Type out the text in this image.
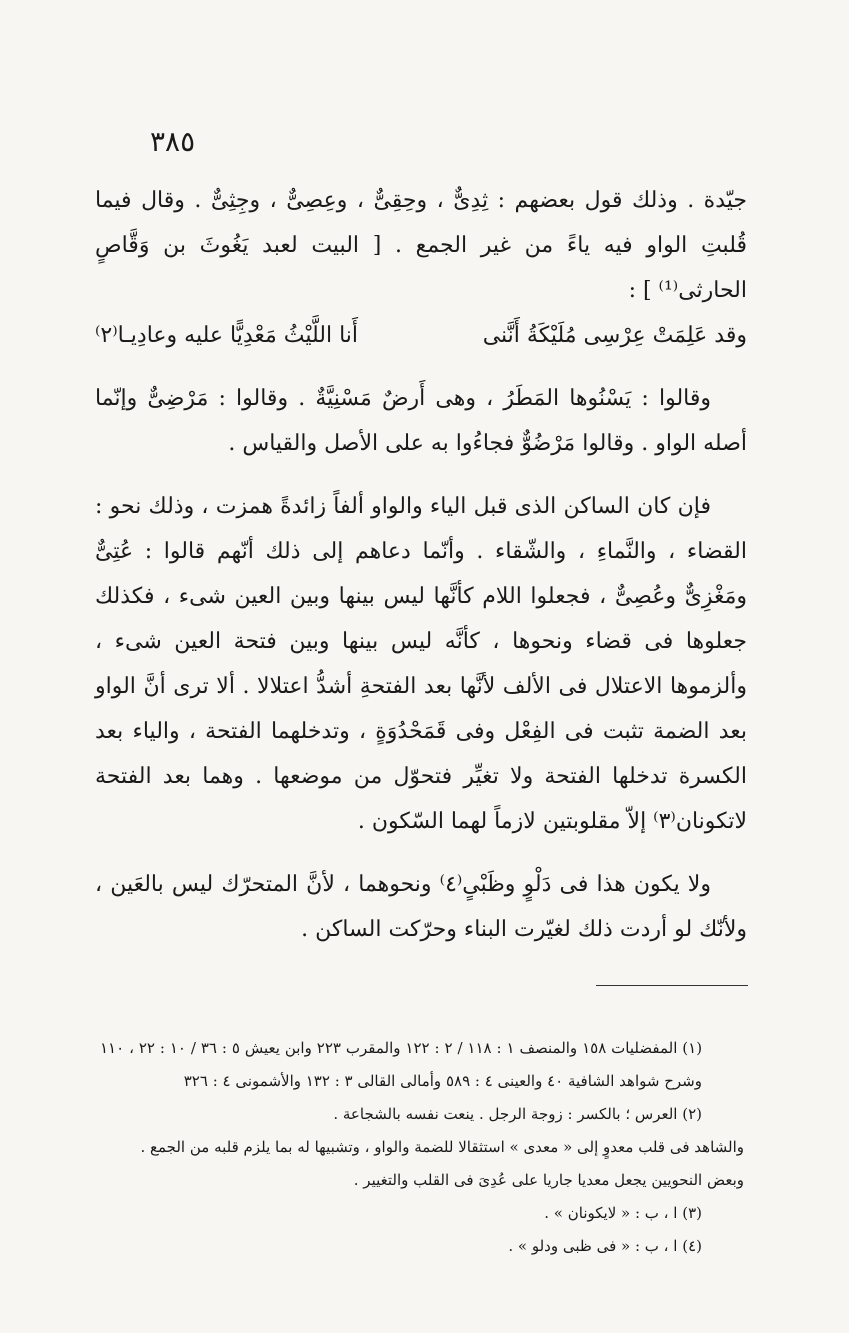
٣٨٥

جيّدة . وذلك قول بعضهم : ثِدِىٌّ ، وحِقِىٌّ ، وعِصِىٌّ ، وجِثِىٌّ . وقال فيما قُلبتِ الواو فيه ياءً من غير الجمع . [ البيت لعبد يَغُوثَ بن وَقَّاصٍ الحارثى⁽¹⁾ ] :

وقد عَلِمَتْ عِرْسِى مُلَيْكَةُ أَنَّنى
أَنا اللَّيْثُ مَعْدِيًّا عليه وعادِيـا⁽٢⁾

وقالوا : يَسْنُوها المَطَرُ ، وهى أَرضٌ مَسْنِيَّةٌ . وقالوا : مَرْضِىٌّ وإنّما أصله الواو . وقالوا مَرْضُوٌّ فجاءُوا به على الأصل والقياس .

فإن كان الساكن الذى قبل الياء والواو ألفاً زائدةً همزت ، وذلك نحو : القضاء ، والنَّماءِ ، والشّقاء . وأنّما دعاهم إلى ذلك أنّهم قالوا : عُتِىٌّ ومَغْزِىٌّ وعُصِىٌّ ، فجعلوا اللام كأنَّها ليس بينها وبين العين شىء ، فكذلك جعلوها فى قضاء ونحوها ، كأنَّه ليس بينها وبين فتحة العين شىء ، وألزموها الاعتلال فى الألف لأنَّها بعد الفتحةِ أشدُّ اعتلالا . ألا ترى أنَّ الواو بعد الضمة تثبت فى الفِعْل وفى قَمَحْدُوَةٍ ، وتدخلهما الفتحة ، والياء بعد الكسرة تدخلها الفتحة ولا تغيِّر فتحوّل من موضعها . وهما بعد الفتحة لاتكونان⁽٣⁾ إلاّ مقلوبتين لازماً لهما السّكون .

ولا يكون هذا فى دَلْوٍ وظَبْىٍ⁽٤⁾ ونحوهما ، لأنَّ المتحرّك ليس بالعَين ، ولأنّك لو أردت ذلك لغيّرت البناء وحرّكت الساكن .

(١) المفضليات ١٥٨ والمنصف ١ : ١١٨ / ٢ : ١٢٢ والمقرب ٢٢٣ وابن يعيش ٥ : ٣٦ / ١٠ : ٢٢ ، ١١٠ وشرح شواهد الشافية ٤٠ والعينى ٤ : ٥٨٩ وأمالى القالى ٣ : ١٣٢ والأشمونى ٤ : ٣٢٦

(٢) العرس ؛ بالكسر : زوجة الرجل . ينعت نفسه بالشجاعة .

والشاهد فى قلب معدوٍ إلى « معدى » استثقالا للضمة والواو ، وتشبيها له بما يلزم قلبه من الجمع .

وبعض النحويين يجعل معديا جاريا على عُدِىَ فى القلب والتغيير .

(٣) ا ، ب : « لايكونان » .

(٤) ا ، ب : « فى ظبى ودلو » .
